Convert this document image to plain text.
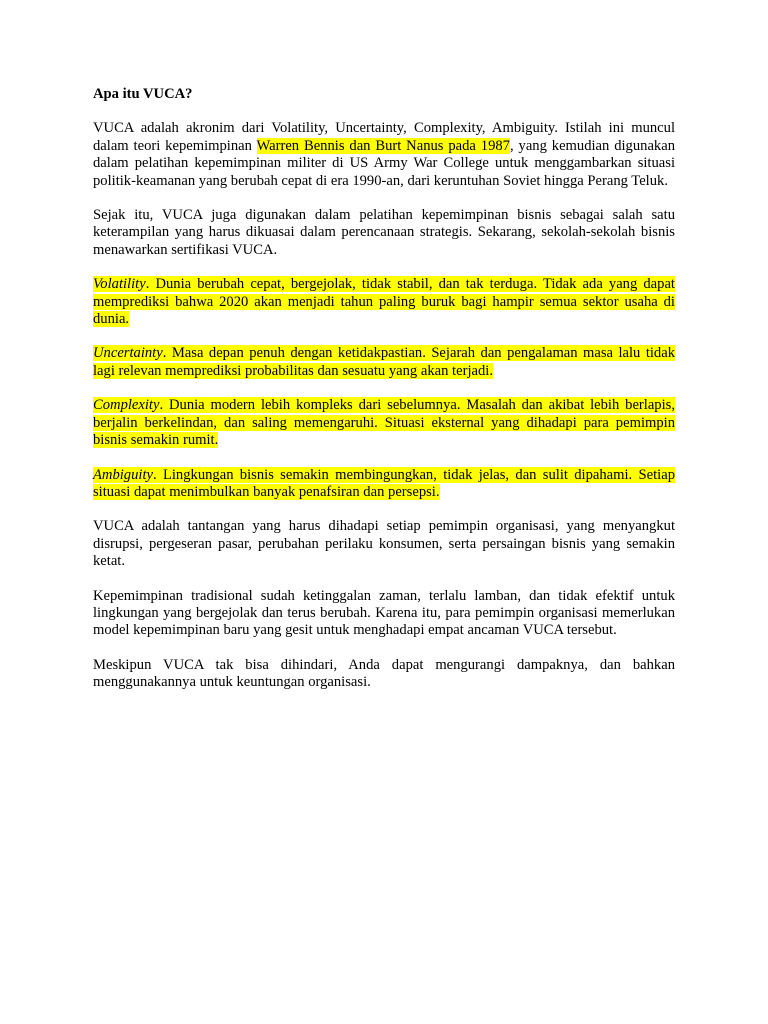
Apa itu VUCA?

VUCA adalah akronim dari Volatility, Uncertainty, Complexity, Ambiguity. Istilah ini muncul dalam teori kepemimpinan Warren Bennis dan Burt Nanus pada 1987, yang kemudian digunakan dalam pelatihan kepemimpinan militer di US Army War College untuk menggambarkan situasi politik-keamanan yang berubah cepat di era 1990-an, dari keruntuhan Soviet hingga Perang Teluk.

Sejak itu, VUCA juga digunakan dalam pelatihan kepemimpinan bisnis sebagai salah satu keterampilan yang harus dikuasai dalam perencanaan strategis. Sekarang, sekolah-sekolah bisnis menawarkan sertifikasi VUCA.

Volatility. Dunia berubah cepat, bergejolak, tidak stabil, dan tak terduga. Tidak ada yang dapat memprediksi bahwa 2020 akan menjadi tahun paling buruk bagi hampir semua sektor usaha di dunia.

Uncertainty. Masa depan penuh dengan ketidakpastian. Sejarah dan pengalaman masa lalu tidak lagi relevan memprediksi probabilitas dan sesuatu yang akan terjadi.

Complexity. Dunia modern lebih kompleks dari sebelumnya. Masalah dan akibat lebih berlapis, berjalin berkelindan, dan saling memengaruhi. Situasi eksternal yang dihadapi para pemimpin bisnis semakin rumit.

Ambiguity. Lingkungan bisnis semakin membingungkan, tidak jelas, dan sulit dipahami. Setiap situasi dapat menimbulkan banyak penafsiran dan persepsi.

VUCA adalah tantangan yang harus dihadapi setiap pemimpin organisasi, yang menyangkut disrupsi, pergeseran pasar, perubahan perilaku konsumen, serta persaingan bisnis yang semakin ketat.

Kepemimpinan tradisional sudah ketinggalan zaman, terlalu lamban, dan tidak efektif untuk lingkungan yang bergejolak dan terus berubah. Karena itu, para pemimpin organisasi memerlukan model kepemimpinan baru yang gesit untuk menghadapi empat ancaman VUCA tersebut.

Meskipun VUCA tak bisa dihindari, Anda dapat mengurangi dampaknya, dan bahkan menggunakannya untuk keuntungan organisasi.
